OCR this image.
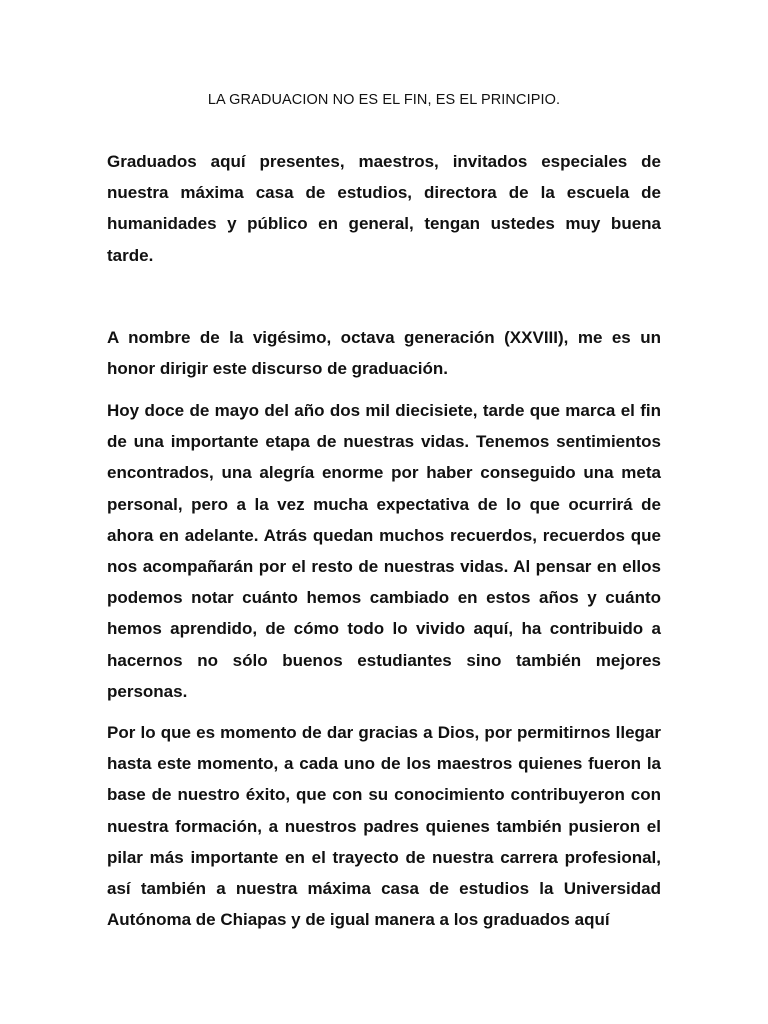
LA GRADUACION NO ES EL FIN, ES EL PRINCIPIO.

Graduados aquí presentes, maestros, invitados especiales de nuestra máxima casa de estudios, directora de la escuela de humanidades y público en general, tengan ustedes muy buena tarde.

A nombre de la vigésimo, octava generación (XXVIII), me es un honor dirigir este discurso de graduación.

Hoy doce de mayo del año dos mil diecisiete, tarde que marca el fin de una importante etapa de nuestras vidas. Tenemos sentimientos encontrados, una alegría enorme por haber conseguido una meta personal, pero a la vez mucha expectativa de lo que ocurrirá de ahora en adelante. Atrás quedan muchos recuerdos, recuerdos que nos acompañarán por el resto de nuestras vidas. Al pensar en ellos podemos notar cuánto hemos cambiado en estos años y cuánto hemos aprendido, de cómo todo lo vivido aquí, ha contribuido a hacernos no sólo buenos estudiantes sino también mejores personas.

Por lo que es momento de dar gracias a Dios, por permitirnos llegar hasta este momento, a cada uno de los maestros quienes fueron la base de nuestro éxito, que con su conocimiento contribuyeron con nuestra formación, a nuestros padres quienes también pusieron el pilar más importante en el trayecto de nuestra carrera profesional, así también a nuestra máxima casa de estudios la Universidad Autónoma de Chiapas y de igual manera a los graduados aquí
